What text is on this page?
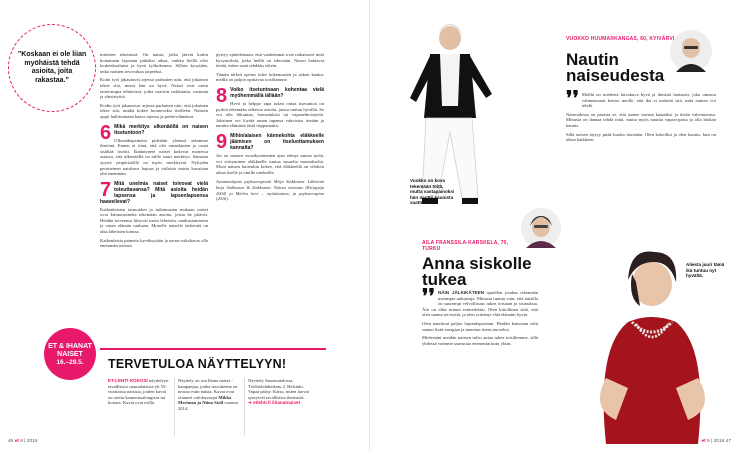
”Koskaan ei ole liian myöhäistä tehdä asioita, joita rakastaa.”

mieisten tekemistä. On naisia, jotka jäävät kotiin hoitamaan lapsiaan pitkäksi aikaa, vaikka heillä olisi korkeakoulutus ja hyvä työkokemus. Silloin kysytään, onko naisten arvovaltaa tarpeeksi.

Koiin työt jakautuvat arjessa parhaiten niin, että jokainen tekee sitä, missä hän on hyvä. Naiset ovat usein taitavampia tehtävissä, jotka vaativat tarkkuutta, vastuuta ja yhteistyötä.

Kodin työt jakautuvat arjessa parhaiten niin, että jokainen tekee sitä, minkä kokee luontevaksi itselleen. Naisten oppii hallitsemaan kaaos arjessa ja perhe-elämässä.

6 Mikä merkitys ulkonäöllä on naisen itsetuntoon?

Ulkonäköpaineita pidetään yleensä aikamme ilmiönä. Ennen ei tiinä, että olet omanlainen ja osaat sisältää itseäsi. Ikääntyneet naiset kokevat monessa asiassa, että ulkonäöllä on niille suuri merkitys. Samasta syystä ympäristöllä on myös merkitystä. Nykyään perinteinen naiskuva hajoaa ja erilaisia naisia kuvataan yhä enemmän.

7 Mitä unelmia naiset toivovat vielä toteuttavansa? Mitä asioita heidän lapsensa ja lapsenlapsensa haaveilevat?

Kaikenlaisten tarinoiden ja tutkimusten mukaan naiset ovat kiinnostuneita tekemään asioita, joista he pitävät. Heidän toiveensa liittyvät usein läheisiin, matkustamiseen ja oman elämän rauhaan. Monelle naiselle tärkeintä on aika läheisten kanssa.

Kaikenlaisia paineita hyväksytään ja naiset uskaltavat olla enemmän itsensä.

pystyy ajattelemaan, että vanhemmat ovat ratkaisseet niitä kysymyksiä, jotka heillä on edessään. Naiset haluavat tietää, miten asiat tehdään oikein.

Tämän tärkeä opetus tulee kokemusten ja uskon kautta: meillä on paljon opittavaa toisiltamme.

8 Voiko itsetuntoaan kohentaa vielä myöhemmällä iällään?

Hyvä ja helppo tapa tukea omaa itsetuntoa on pyrkiä tekemään sellaisia asioita, joissa tuntuu hyvältä. Se voi olla liikuntaa, harrastuksia tai vapaaehtoistyötä. Jokainen voi löytää oman tapansa vahvistaa itseään ja nauttia elämästä iästä riippumatta.

9 Mihin/alaisen kännekohta eläkkeelle jäämisen on itseluottamuksen kannalta?

Jos on monen vuosikymmenen ajan tehnyt samaa työtä, voi siirtyminen eläkkeelle tuntua suurelta muutokselta. Moni nainen kuitenkin kokee, että eläkkeellä on vihdoin aikaa itselle ja omille unelmille.

Asiantuntijana psykoterapeutti Mirja Sinkkonen. Lähteenä kirja Sinkkonen & Sinkkonen: Naisen itsetunto (Kirjapaja 2004) ja Mielen hovi – myötätuntoa, ja psykoterapiaa (2016).

ET & IHANAT NAISET
16.–29.5.	TERVETULOA NÄYTTELYYN!
ET-LEHTI KOKOSI näyttelyyn tavallisista suomalaisista yli 55-vuotiaista naisista, joiden kuvat on otettu kauneussalongissa tai kotona. Kuvat ovat esillä.
Näyttely on osa Ihana naiset -kampanjaa, jonka tavoitteena on nostaa esiin naisia. Kuvat ovat ottaneet valokuvaajat Mikko Merimaa ja Niina Stoll vuonna 2014.
Näyttely Sanomatalossa, Töölönlahdenkatu 2, Helsinki. Vapaa pääsy. Katsu, miten luovat syntyivät tavallisista ihmisistä.
➜ etlehti.fi /ihanatnaiset
46 et 9 | 2016
Vuokko on kova tekemään töitä, mutta vastapainoksi hän nauttii kaunista vaatteista.
VUOKKO HUUMARKANGAS, 60, KYIVÄRVI
Nautin naiseudesta
❜❜ Meillä on miehenä kuvakuva hyvä ja ihmisiä hartaasti, joka omassa valinnassaan kertoo meille, että ikä ei määritä sitä, mitä nainen voi tehdä.

Naiseudessa on parasta se, että tuntee itsensä kauniiksi ja tietää vahvuutensa. Minusta on ihanaa tehdä töitä, mutta myös nauttia vapaa-ajasta ja olla hiukan kaunis.

Sillä naisen täytyy pitää huolta itsestään. Olen kokeillut ja olen kaunis, kun on aikaa kaikkeen.

AILA FRANSSILA-KARSKELA, 70, TURKU
Anna siskolle tukea
❜❜ NÄIN JÄLKIKÄTEEN ajatellen joudun tekemään useampia ratkaisuja. Minusta tuntuu vain, että naisilla on suurempi velvollisuus tukea toisiaan ja sisaruksia. Äiti on ollut minun esimerkkini. Olen kiitollinen siitä, että olen saanut terveyttä, ja olen yrittänyt elää elämäni hyvin.

Olen nauttinut paljon lapsenlapsistani. Heidän kanssaan olen saanut lisää energiaa ja tuntenut itseni nuoreksi.

Mielestäni meidän naisten tulisi antaa tukea toisillemme, sillä yhdessä voimme saavuttaa enemmän kuin yksin.

Aliesta juuri tämä ikä tuntuu nyt hyvältä.
et 9 | 2016 47
